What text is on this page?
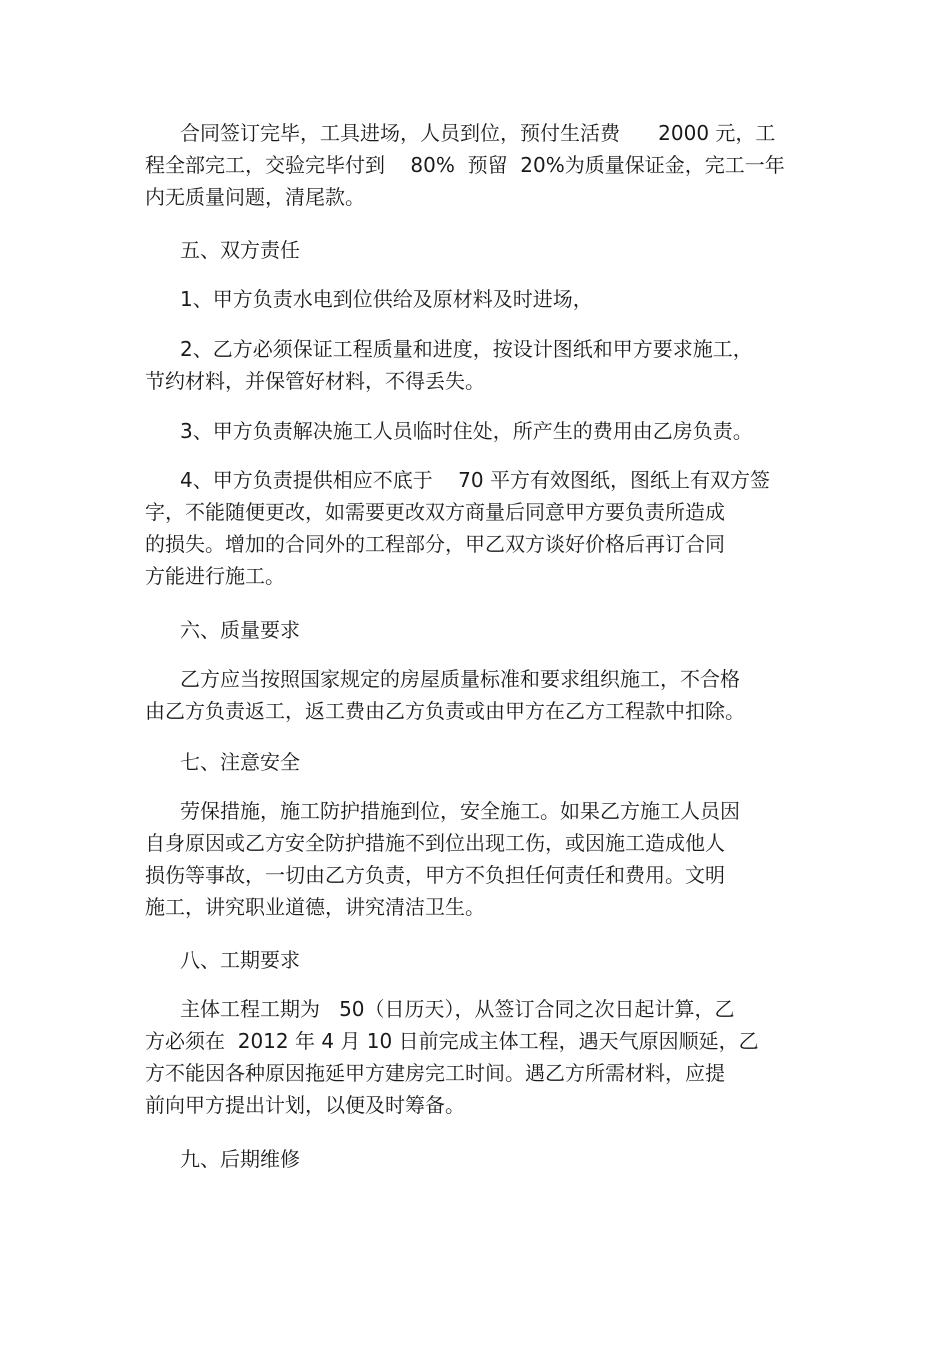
合同签订完毕，工具进场，人员到位，预付生活费      2000 元，工
程全部完工，交验完毕付到    80%  预留  20%为质量保证金，完工一年
内无质量问题，清尾款。
五、双方责任
1、甲方负责水电到位供给及原材料及时进场，
2、乙方必须保证工程质量和进度，按设计图纸和甲方要求施工，
节约材料，并保管好材料，不得丢失。
3、甲方负责解决施工人员临时住处，所产生的费用由乙房负责。
4、甲方负责提供相应不底于    70 平方有效图纸，图纸上有双方签
字，不能随便更改，如需要更改双方商量后同意甲方要负责所造成
的损失。增加的合同外的工程部分，甲乙双方谈好价格后再订合同
方能进行施工。
六、质量要求
乙方应当按照国家规定的房屋质量标准和要求组织施工，不合格
由乙方负责返工，返工费由乙方负责或由甲方在乙方工程款中扣除。
七、注意安全
劳保措施，施工防护措施到位，安全施工。如果乙方施工人员因
自身原因或乙方安全防护措施不到位出现工伤，或因施工造成他人
损伤等事故，一切由乙方负责，甲方不负担任何责任和费用。文明
施工，讲究职业道德，讲究清洁卫生。
八、工期要求
主体工程工期为   50（日历天），从签订合同之次日起计算，乙
方必须在  2012 年 4 月 10 日前完成主体工程，遇天气原因顺延，乙
方不能因各种原因拖延甲方建房完工时间。遇乙方所需材料，应提
前向甲方提出计划，以便及时筹备。
九、后期维修
